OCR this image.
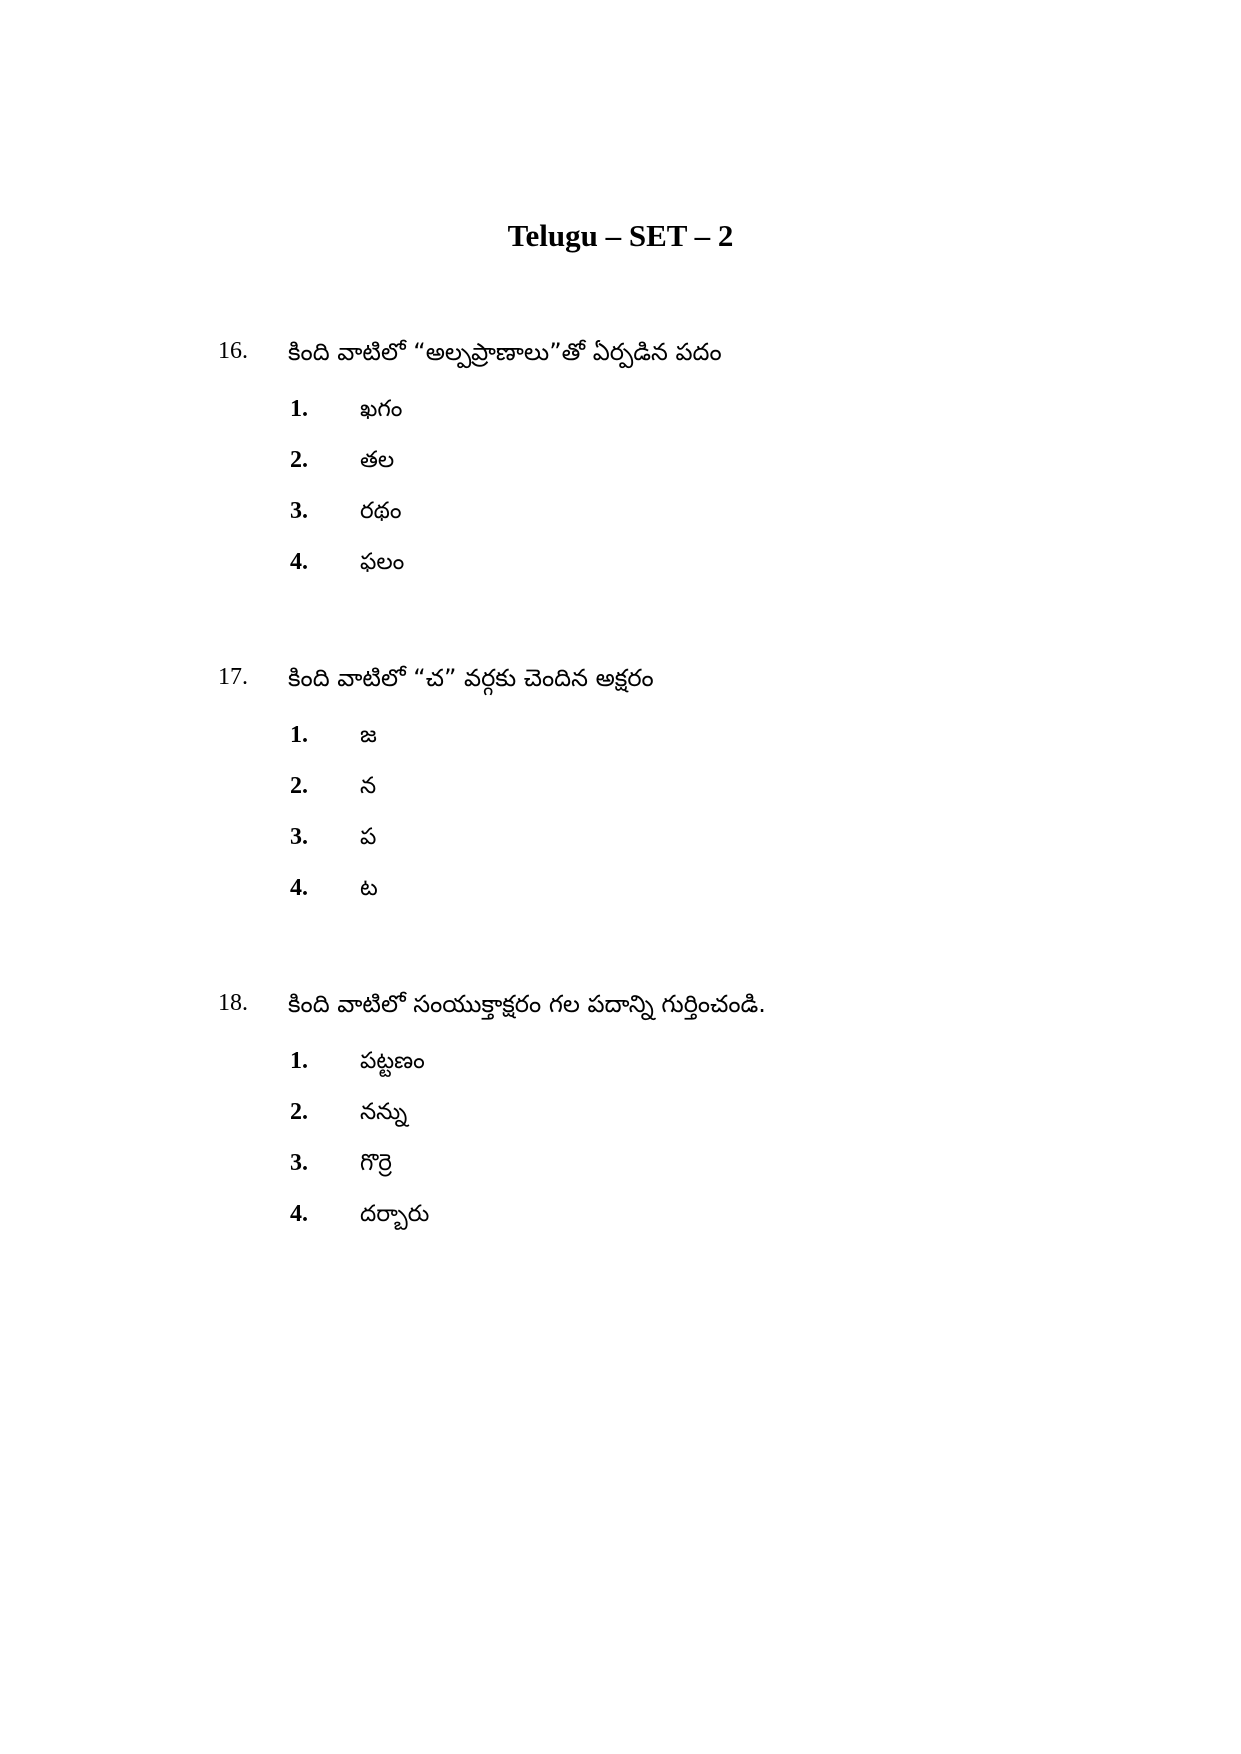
Telugu – SET – 2
16. కింది వాటిలో “అల్పప్రాణాలు”తో ఏర్పడిన పదం
1. ఖగం
2. తల
3. రథం
4. ఫలం
17. కింది వాటిలో “చ” వర్గకు చెందిన అక్షరం
1. జ
2. న
3. ప
4. ట
18. కింది వాటిలో సంయుక్తాక్షరం గల పదాన్ని గుర్తించండి.
1. పట్టణం
2. నన్ను
3. గొర్రె
4. దర్బారు
